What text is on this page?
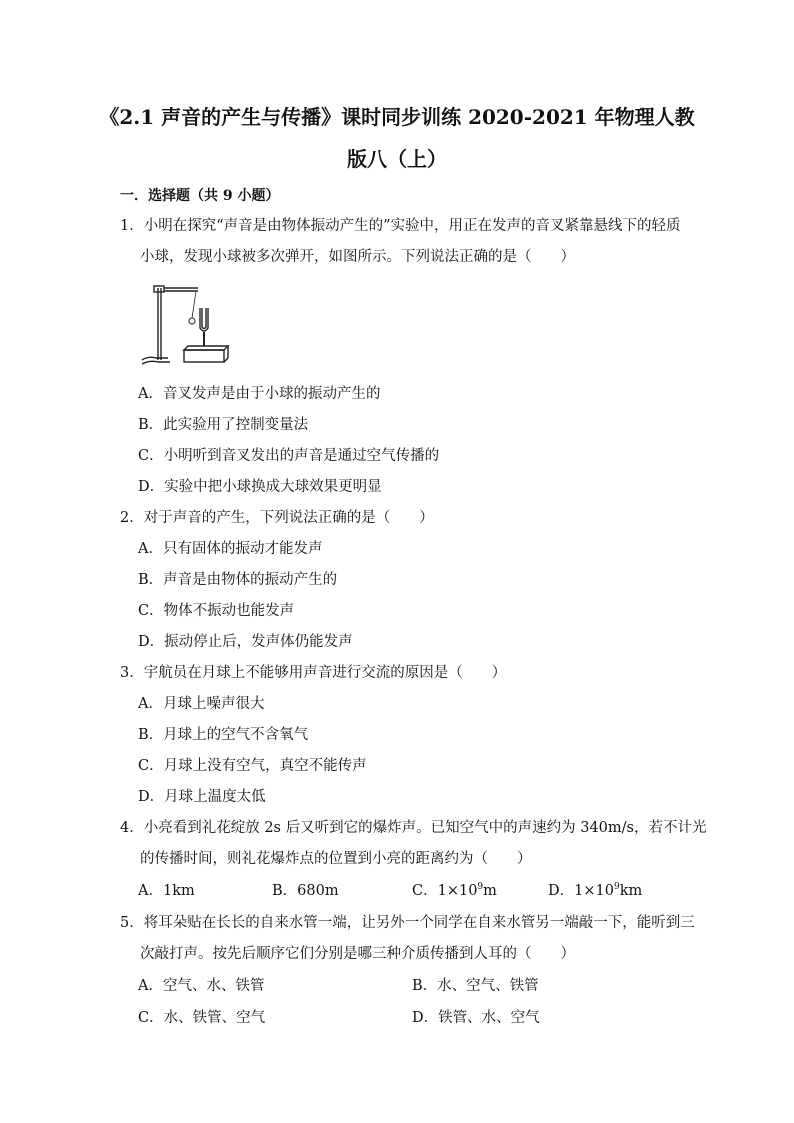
《2.1 声音的产生与传播》课时同步训练 2020-2021 年物理人教
版八（上）
一．选择题（共 9 小题）
1．小明在探究“声音是由物体振动产生的”实验中，用正在发声的音叉紧靠悬线下的轻质
小球，发现小球被多次弹开，如图所示。下列说法正确的是（　　）
A．音叉发声是由于小球的振动产生的
B．此实验用了控制变量法
C．小明听到音叉发出的声音是通过空气传播的
D．实验中把小球换成大球效果更明显
2．对于声音的产生，下列说法正确的是（　　）
A．只有固体的振动才能发声
B．声音是由物体的振动产生的
C．物体不振动也能发声
D．振动停止后，发声体仍能发声
3．宇航员在月球上不能够用声音进行交流的原因是（　　）
A．月球上噪声很大
B．月球上的空气不含氧气
C．月球上没有空气，真空不能传声
D．月球上温度太低
4．小亮看到礼花绽放 2s 后又听到它的爆炸声。已知空气中的声速约为 340m/s，若不计光
的传播时间，则礼花爆炸点的位置到小亮的距离约为（　　）
A．1km	B．680m	C．$1\times 10^9m$	D．$1\times 10^9km$
5．将耳朵贴在长长的自来水管一端，让另外一个同学在自来水管另一端敲一下，能听到三
次敲打声。按先后顺序它们分别是哪三种介质传播到人耳的（　　）
A．空气、水、铁管	B．水、空气、铁管
C．水、铁管、空气	D．铁管、水、空气
